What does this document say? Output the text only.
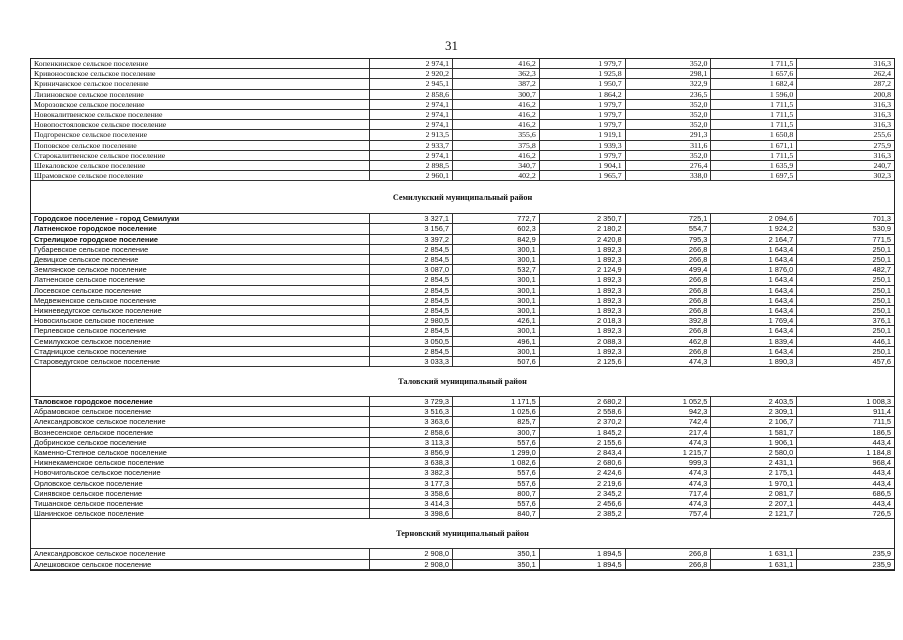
31
Копенкинское сельское поселение	2 974,1	416,2	1 979,7	352,0	1 711,5	316,3
Кривоносовское сельское поселение	2 920,2	362,3	1 925,8	298,1	1 657,6	262,4
Криничанское сельское поселение	2 945,1	387,2	1 950,7	322,9	1 682,4	287,2
Лизиновское сельское поселение	2 858,6	300,7	1 864,2	236,5	1 596,0	200,8
Морозовское сельское поселение	2 974,1	416,2	1 979,7	352,0	1 711,5	316,3
Новокалитвенское сельское поселение	2 974,1	416,2	1 979,7	352,0	1 711,5	316,3
Новопостояловское сельское поселение	2 974,1	416,2	1 979,7	352,0	1 711,5	316,3
Подгоренское сельское поселение	2 913,5	355,6	1 919,1	291,3	1 650,8	255,6
Поповское сельское поселение	2 933,7	375,8	1 939,3	311,6	1 671,1	275,9
Старокалитвенское сельское поселение	2 974,1	416,2	1 979,7	352,0	1 711,5	316,3
Шекаловское сельское поселение	2 898,5	340,7	1 904,1	276,4	1 635,9	240,7
Шрамовское сельское поселение	2 960,1	402,2	1 965,7	338,0	1 697,5	302,3
Семилукский муниципальный район
Городское поселение - город Семилуки	3 327,1	772,7	2 350,7	725,1	2 094,6	701,3
Латненское городское поселение	3 156,7	602,3	2 180,2	554,7	1 924,2	530,9
Стрелицкое городское поселение	3 397,2	842,9	2 420,8	795,3	2 164,7	771,5
Губаревское сельское поселение	2 854,5	300,1	1 892,3	266,8	1 643,4	250,1
Девицкое сельское поселение	2 854,5	300,1	1 892,3	266,8	1 643,4	250,1
Землянское сельское поселение	3 087,0	532,7	2 124,9	499,4	1 876,0	482,7
Латненское сельское поселение	2 854,5	300,1	1 892,3	266,8	1 643,4	250,1
Лосевское сельское поселение	2 854,5	300,1	1 892,3	266,8	1 643,4	250,1
Медвеженское сельское поселение	2 854,5	300,1	1 892,3	266,8	1 643,4	250,1
Нижневедугское сельское поселение	2 854,5	300,1	1 892,3	266,8	1 643,4	250,1
Новосильское сельское поселение	2 980,5	426,1	2 018,3	392,8	1 769,4	376,1
Перлевское сельское поселение	2 854,5	300,1	1 892,3	266,8	1 643,4	250,1
Семилукское сельское поселение	3 050,5	496,1	2 088,3	462,8	1 839,4	446,1
Стадницкое сельское поселение	2 854,5	300,1	1 892,3	266,8	1 643,4	250,1
Староведугское сельское поселение	3 033,3	507,6	2 125,6	474,3	1 890,3	457,6
Таловский муниципальный район
Таловское городское поселение	3 729,3	1 171,5	2 680,2	1 052,5	2 403,5	1 008,3
Абрамовское сельское поселение	3 516,3	1 025,6	2 558,6	942,3	2 309,1	911,4
Александровское сельское поселение	3 363,6	825,7	2 370,2	742,4	2 106,7	711,5
Вознесенское сельское поселение	2 858,6	300,7	1 845,2	217,4	1 581,7	186,5
Добринское сельское поселение	3 113,3	557,6	2 155,6	474,3	1 906,1	443,4
Каменно-Степное сельское поселение	3 856,9	1 299,0	2 843,4	1 215,7	2 580,0	1 184,8
Нижнекаменское сельское поселение	3 638,3	1 082,6	2 680,6	999,3	2 431,1	968,4
Новочигольское сельское поселение	3 382,3	557,6	2 424,6	474,3	2 175,1	443,4
Орловское сельское поселение	3 177,3	557,6	2 219,6	474,3	1 970,1	443,4
Синявское сельское поселение	3 358,6	800,7	2 345,2	717,4	2 081,7	686,5
Тишанское сельское поселение	3 414,3	557,6	2 456,6	474,3	2 207,1	443,4
Шанинское сельское поселение	3 398,6	840,7	2 385,2	757,4	2 121,7	726,5
Терновский муниципальный район
Александровское сельское поселение	2 908,0	350,1	1 894,5	266,8	1 631,1	235,9
Алешковское сельское поселение	2 908,0	350,1	1 894,5	266,8	1 631,1	235,9
